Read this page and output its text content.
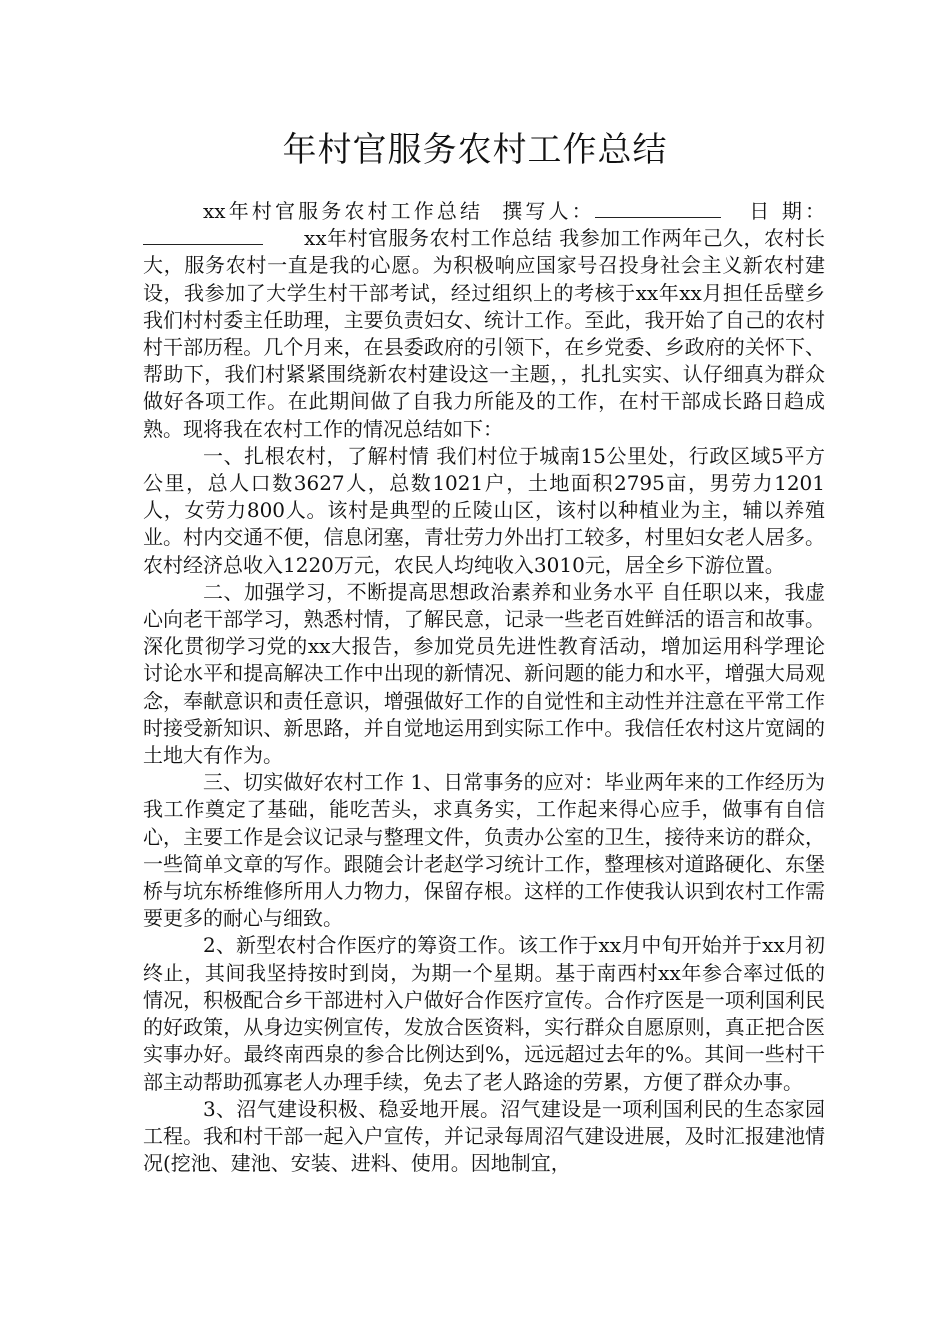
年村官服务农村工作总结

xx年村官服务农村工作总结 撰写人：	日 期：      xx年村官服务农村工作总结 我参加工作两年己久，农村长大，服务农村一直是我的心愿。为积极响应国家号召投身社会主义新农村建设，我参加了大学生村干部考试，经过组织上的考核于xx年xx月担任岳壁乡我们村村委主任助理，主要负责妇女、统计工作。至此，我开始了自己的农村村干部历程。几个月来，在县委政府的引领下，在乡党委、乡政府的关怀下、帮助下，我们村紧紧围绕新农村建设这一主题，，扎扎实实、认仔细真为群众做好各项工作。在此期间做了自我力所能及的工作，在村干部成长路日趋成熟。现将我在农村工作的情况总结如下：

一、扎根农村，了解村情 我们村位于城南15公里处，行政区域5平方公里，总人口数3627人，总数1021户，土地面积2795亩，男劳力1201人，女劳力800人。该村是典型的丘陵山区，该村以种植业为主，辅以养殖业。村内交通不便，信息闭塞，青壮劳力外出打工较多，村里妇女老人居多。农村经济总收入1220万元，农民人均纯收入3010元，居全乡下游位置。

二、加强学习，不断提高思想政治素养和业务水平 自任职以来，我虚心向老干部学习，熟悉村情，了解民意，记录一些老百姓鲜活的语言和故事。深化贯彻学习党的xx大报告，参加党员先进性教育活动，增加运用科学理论讨论水平和提高解决工作中出现的新情况、新问题的能力和水平，增强大局观念，奉献意识和责任意识，增强做好工作的自觉性和主动性并注意在平常工作时接受新知识、新思路，并自觉地运用到实际工作中。我信任农村这片宽阔的土地大有作为。

三、切实做好农村工作 1、日常事务的应对：毕业两年来的工作经历为我工作奠定了基础，能吃苦头，求真务实，工作起来得心应手，做事有自信心，主要工作是会议记录与整理文件，负责办公室的卫生，接待来访的群众，一些简单文章的写作。跟随会计老赵学习统计工作，整理核对道路硬化、东堡桥与坑东桥维修所用人力物力，保留存根。这样的工作使我认识到农村工作需要更多的耐心与细致。

2、新型农村合作医疗的筹资工作。该工作于xx月中旬开始并于xx月初终止，其间我坚持按时到岗，为期一个星期。基于南西村xx年参合率过低的情况，积极配合乡干部进村入户做好合作医疗宣传。合作疗医是一项利国利民的好政策，从身边实例宣传，发放合医资料，实行群众自愿原则，真正把合医实事办好。最终南西泉的参合比例达到%，远远超过去年的%。其间一些村干部主动帮助孤寡老人办理手续，免去了老人路途的劳累，方便了群众办事。

3、沼气建设积极、稳妥地开展。沼气建设是一项利国利民的生态家园工程。我和村干部一起入户宣传，并记录每周沼气建设进展，及时汇报建池情况(挖池、建池、安装、进料、使用。因地制宜，
